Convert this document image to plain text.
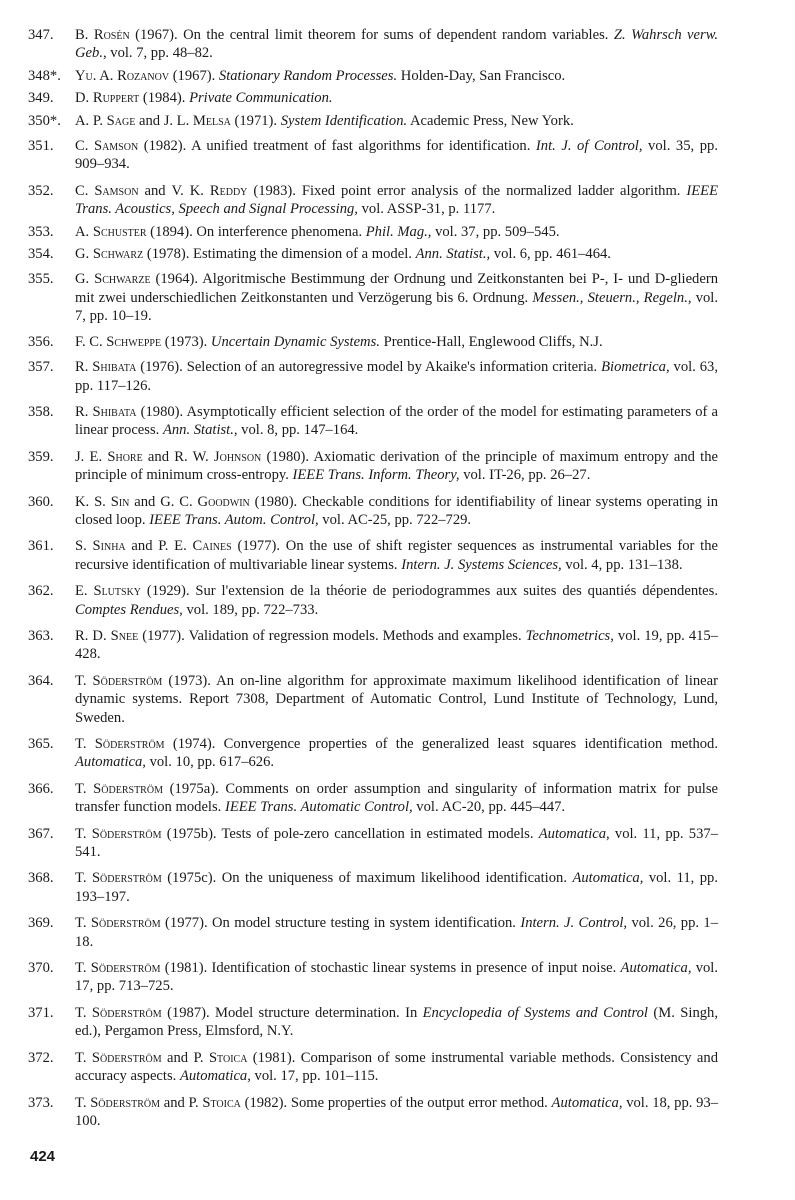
347.	B. Rosén (1967). On the central limit theorem for sums of dependent random variables. Z. Wahrsch verw. Geb., vol. 7, pp. 48–82.
348*. Yu. A. Rozanov (1967). Stationary Random Processes. Holden-Day, San Francisco.
349.	D. Ruppert (1984). Private Communication.
350*. A. P. Sage and J. L. Melsa (1971). System Identification. Academic Press, New York.
351.	C. Samson (1982). A unified treatment of fast algorithms for identification. Int. J. of Control, vol. 35, pp. 909–934.
352.	C. Samson and V. K. Reddy (1983). Fixed point error analysis of the normalized ladder algorithm. IEEE Trans. Acoustics, Speech and Signal Processing, vol. ASSP-31, p. 1177.
353.	A. Schuster (1894). On interference phenomena. Phil. Mag., vol. 37, pp. 509–545.
354.	G. Schwarz (1978). Estimating the dimension of a model. Ann. Statist., vol. 6, pp. 461–464.
355.	G. Schwarze (1964). Algoritmische Bestimmung der Ordnung und Zeitkonstanten bei P-, I- und D-gliedern mit zwei underschiedlichen Zeitkonstanten und Verzögerung bis 6. Ordnung. Messen., Steuern., Regeln., vol. 7, pp. 10–19.
356.	F. C. Schweppe (1973). Uncertain Dynamic Systems. Prentice-Hall, Englewood Cliffs, N.J.
357.	R. Shibata (1976). Selection of an autoregressive model by Akaike's information criteria. Biometrica, vol. 63, pp. 117–126.
358.	R. Shibata (1980). Asymptotically efficient selection of the order of the model for estimating parameters of a linear process. Ann. Statist., vol. 8, pp. 147–164.
359.	J. E. Shore and R. W. Johnson (1980). Axiomatic derivation of the principle of maximum entropy and the principle of minimum cross-entropy. IEEE Trans. Inform. Theory, vol. IT-26, pp. 26–27.
360.	K. S. Sin and G. C. Goodwin (1980). Checkable conditions for identifiability of linear systems operating in closed loop. IEEE Trans. Autom. Control, vol. AC-25, pp. 722–729.
361.	S. Sinha and P. E. Caines (1977). On the use of shift register sequences as instrumental variables for the recursive identification of multivariable linear systems. Intern. J. Systems Sciences, vol. 4, pp. 131–138.
362.	E. Slutsky (1929). Sur l'extension de la théorie de periodogrammes aux suites des quantiés dépendentes. Comptes Rendues, vol. 189, pp. 722–733.
363.	R. D. Snee (1977). Validation of regression models. Methods and examples. Technometrics, vol. 19, pp. 415–428.
364.	T. Söderström (1973). An on-line algorithm for approximate maximum likelihood identification of linear dynamic systems. Report 7308, Department of Automatic Control, Lund Institute of Technology, Lund, Sweden.
365.	T. Söderström (1974). Convergence properties of the generalized least squares identification method. Automatica, vol. 10, pp. 617–626.
366.	T. Söderström (1975a). Comments on order assumption and singularity of information matrix for pulse transfer function models. IEEE Trans. Automatic Control, vol. AC-20, pp. 445–447.
367.	T. Söderström (1975b). Tests of pole-zero cancellation in estimated models. Automatica, vol. 11, pp. 537–541.
368.	T. Söderström (1975c). On the uniqueness of maximum likelihood identification. Automatica, vol. 11, pp. 193–197.
369.	T. Söderström (1977). On model structure testing in system identification. Intern. J. Control, vol. 26, pp. 1–18.
370.	T. Söderström (1981). Identification of stochastic linear systems in presence of input noise. Automatica, vol. 17, pp. 713–725.
371.	T. Söderström (1987). Model structure determination. In Encyclopedia of Systems and Control (M. Singh, ed.), Pergamon Press, Elmsford, N.Y.
372.	T. Söderström and P. Stoica (1981). Comparison of some instrumental variable methods. Consistency and accuracy aspects. Automatica, vol. 17, pp. 101–115.
373.	T. Söderström and P. Stoica (1982). Some properties of the output error method. Automatica, vol. 18, pp. 93–100.
424
